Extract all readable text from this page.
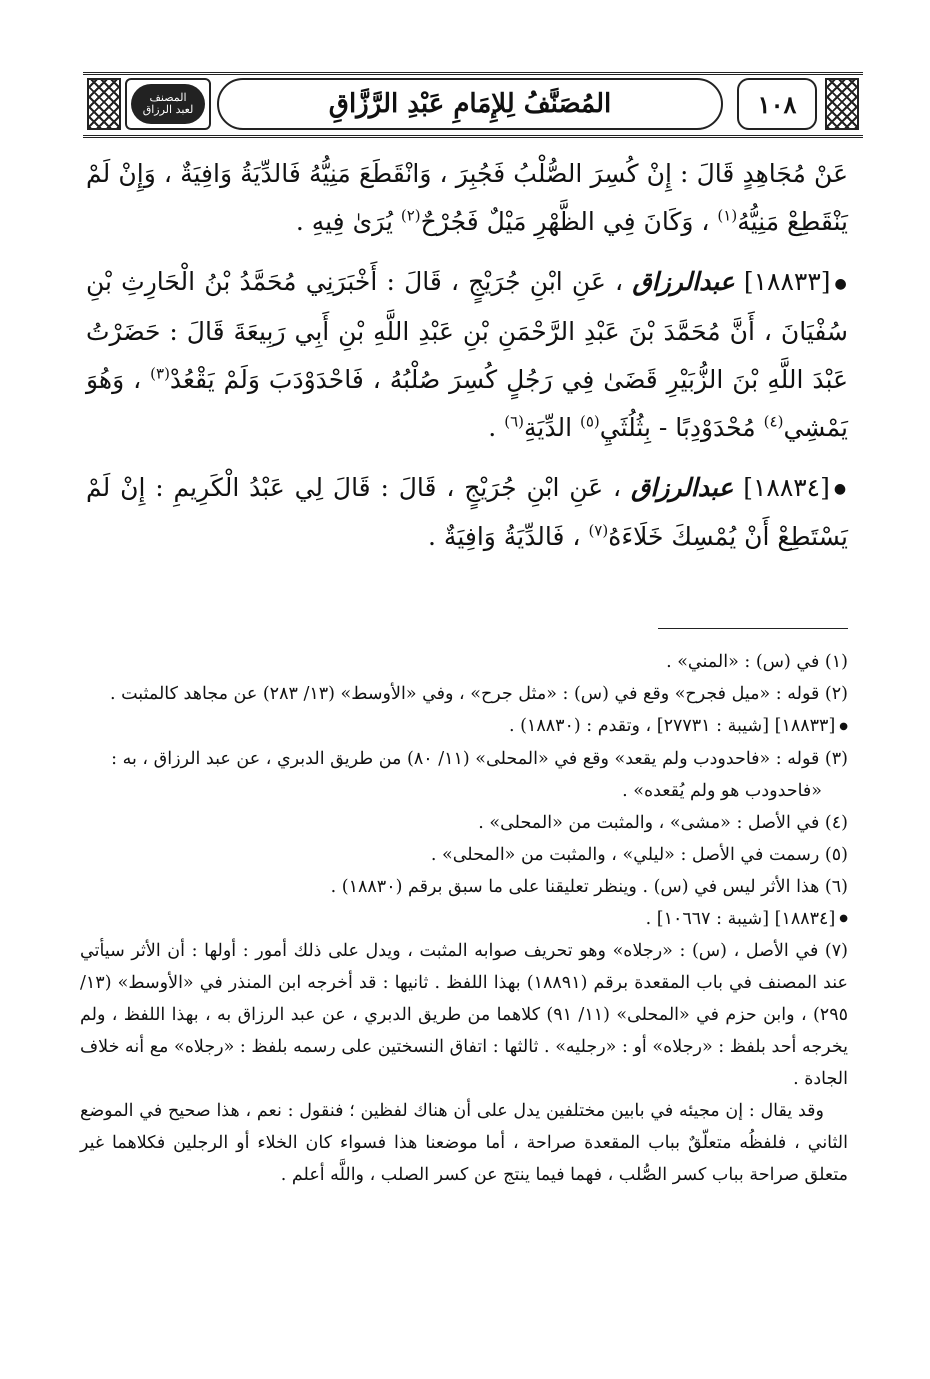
١٠٨
المُصَنَّفُ لِلإِمَامِ عَبْدِ الرَّزَّاقِ
المصنف
لعبد الرزاق

عَنْ مُجَاهِدٍ قَالَ : إِنْ كُسِرَ الصُّلْبُ فَجُبِرَ ، وَانْقَطَعَ مَنِيُّهُ فَالدِّيَةُ وَافِيَةٌ ، وَإِنْ لَمْ يَنْقَطِعْ مَنِيُّهُ$^{(١)}$ ، وَكَانَ فِي الظَّهْرِ مَيْلٌ فَجُرْحٌ$^{(٢)}$ يُرَىٰ فِيهِ .

●[١٨٨٣٣] عبدالرزاق ، عَنِ ابْنِ جُرَيْجٍ ، قَالَ : أَخْبَرَنِي مُحَمَّدُ بْنُ الْحَارِثِ بْنِ سُفْيَانَ ، أَنَّ مُحَمَّدَ بْنَ عَبْدِ الرَّحْمَنِ بْنِ عَبْدِ اللَّهِ بْنِ أَبِي رَبِيعَةَ قَالَ : حَضَرْتُ عَبْدَ اللَّهِ بْنَ الزُّبَيْرِ قَضَىٰ فِي رَجُلٍ كُسِرَ صُلْبُهُ ، فَاحْدَوْدَبَ وَلَمْ يَقْعُدْ$^{(٣)}$ ، وَهُوَ يَمْشِي$^{(٤)}$ مُحْدَوْدِبًا - بِثُلُثَيِ$^{(٥)}$ الدِّيَةِ$^{(٦)}$ .

●[١٨٨٣٤] عبدالرزاق ، عَنِ ابْنِ جُرَيْجٍ ، قَالَ : قَالَ لِي عَبْدُ الْكَرِيمِ : إِنْ لَمْ يَسْتَطِعْ أَنْ يُمْسِكَ خَلَاءَهُ$^{(٧)}$ ، فَالدِّيَةُ وَافِيَةٌ .

(١) في (س) : «المني» .

(٢) قوله : «ميل فجرح» وقع في (س) : «مثل جرح» ، وفي «الأوسط» (١٣/ ٢٨٣) عن مجاهد كالمثبت .

● [١٨٨٣٣] [شيبة : ٢٧٧٣١] ، وتقدم : (١٨٨٣٠) .

(٣) قوله : «فاحدودب ولم يقعد» وقع في «المحلى» (١١/ ٨٠) من طريق الدبري ، عن عبد الرزاق ، به :

«فاحدودب هو ولم يُقعده» .

(٤) في الأصل : «مشى» ، والمثبت من «المحلى» .

(٥) رسمت في الأصل : «ليلي» ، والمثبت من «المحلى» .

(٦) هذا الأثر ليس في (س) . وينظر تعليقنا على ما سبق برقم (١٨٨٣٠) .

● [١٨٨٣٤] [شيبة : ١٠٦٦٧] .

(٧) في الأصل ، (س) : «رجلاه» وهو تحريف صوابه المثبت ، ويدل على ذلك أمور : أولها : أن الأثر سيأتي عند المصنف في باب المقعدة برقم (١٨٨٩١) بهذا اللفظ . ثانيها : قد أخرجه ابن المنذر في «الأوسط» (١٣/ ٢٩٥) ، وابن حزم في «المحلى» (١١/ ٩١) كلاهما من طريق الدبري ، عن عبد الرزاق به ، بهذا اللفظ ، ولم يخرجه أحد بلفظ : «رجلاه» أو : «رجليه» . ثالثها : اتفاق النسختين على رسمه بلفظ : «رجلاه» مع أنه خلاف الجادة .

وقد يقال : إن مجيئه في بابين مختلفين يدل على أن هناك لفظين ؛ فنقول : نعم ، هذا صحيح في الموضع الثاني ، فلفظُه متعلّقٌ بباب المقعدة صراحة ، أما موضعنا هذا فسواء كان الخلاء أو الرجلين فكلاهما غير متعلق صراحة بباب كسر الصُّلب ، فهما فيما ينتج عن كسر الصلب ، واللَّه أعلم .
